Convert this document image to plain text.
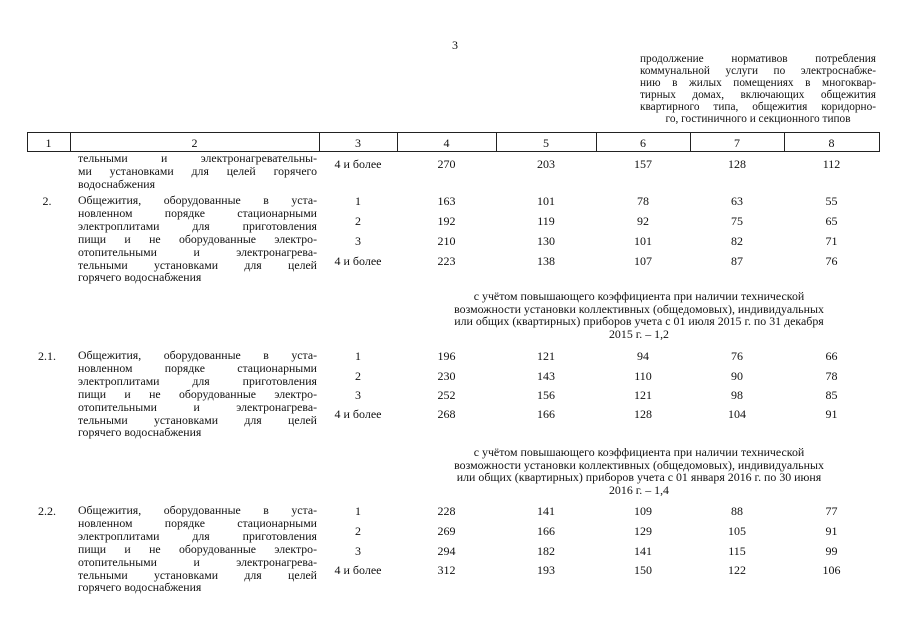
3
продолжение нормативов потребления
коммунальной услуги по электроснабже-
нию в жилых помещениях в многоквар-
тирных домах, включающих общежития
квартирного типа, общежития коридорно-
го, гостиничного и секционного типов
1	2	3	4	5	6	7	8
тельными и электронагревательны-
ми установками для целей горячего
водоснабжения
4 и более	270	203	157	128	112
2.	Общежития, оборудованные в уста-
новленном порядке стационарными
электроплитами для приготовления
пищи и не оборудованные электро-
отопительными и электронагрева-
тельными установками для целей
горячего водоснабжения
1	163	101	78	63	55
2	192	119	92	75	65
3	210	130	101	82	71
4 и более	223	138	107	87	76
с учётом повышающего коэффициента при наличии технической
возможности установки коллективных (общедомовых), индивидуальных
или общих (квартирных) приборов учета с 01 июля 2015 г. по 31 декабря
2015 г. – 1,2
2.1.	Общежития, оборудованные в уста-
новленном порядке стационарными
электроплитами для приготовления
пищи и не оборудованные электро-
отопительными и электронагрева-
тельными установками для целей
горячего водоснабжения
1	196	121	94	76	66
2	230	143	110	90	78
3	252	156	121	98	85
4 и более	268	166	128	104	91
с учётом повышающего коэффициента при наличии технической
возможности установки коллективных (общедомовых), индивидуальных
или общих (квартирных) приборов учета с 01 января 2016 г. по 30 июня
2016 г. – 1,4
2.2.	Общежития, оборудованные в уста-
новленном порядке стационарными
электроплитами для приготовления
пищи и не оборудованные электро-
отопительными и электронагрева-
тельными установками для целей
горячего водоснабжения
1	228	141	109	88	77
2	269	166	129	105	91
3	294	182	141	115	99
4 и более	312	193	150	122	106
